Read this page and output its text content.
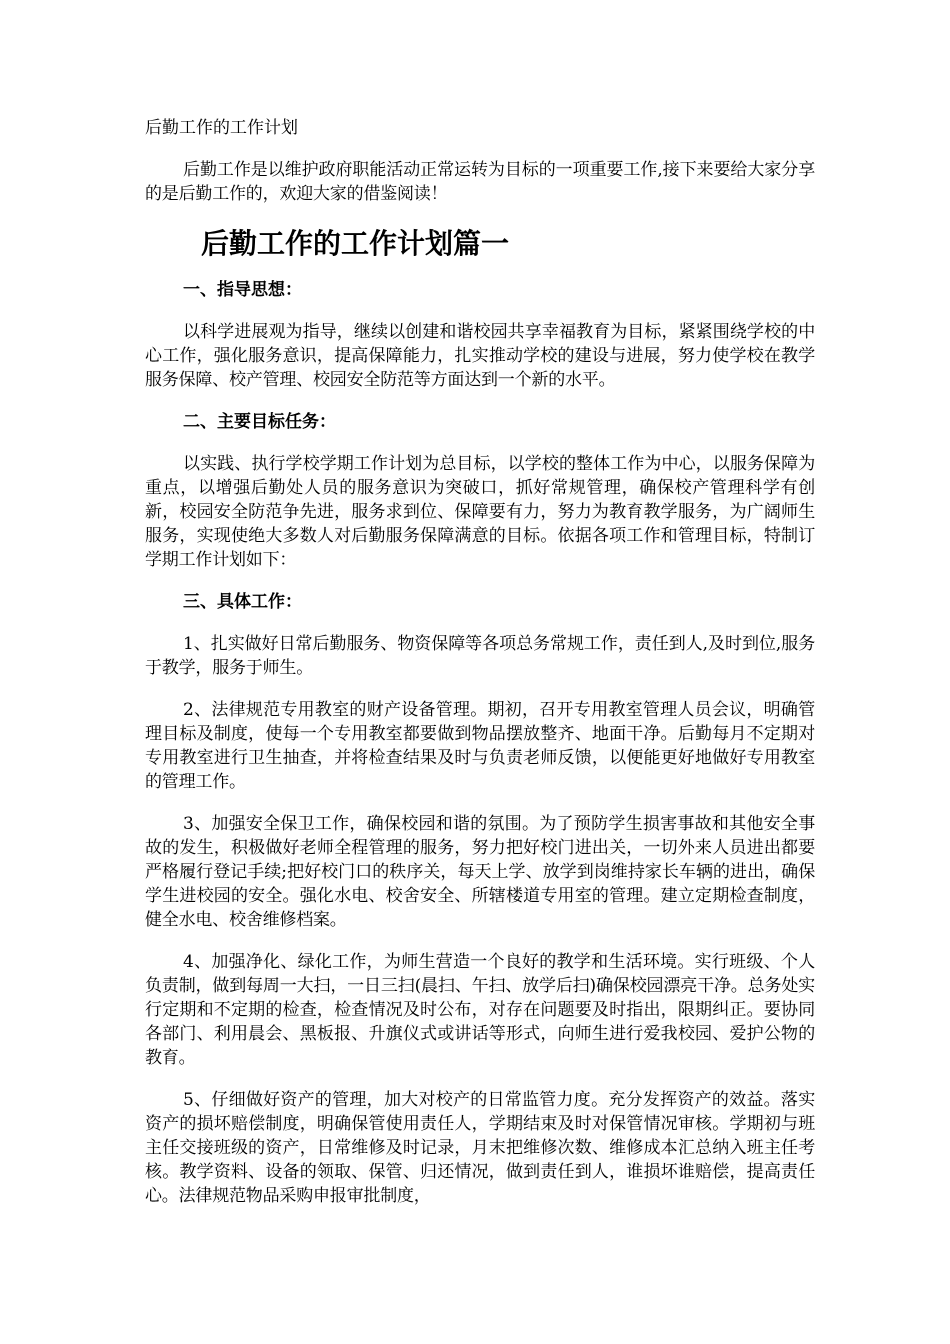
后勤工作的工作计划

后勤工作是以维护政府职能活动正常运转为目标的一项重要工作,接下来要给大家分享的是后勤工作的，欢迎大家的借鉴阅读！

后勤工作的工作计划篇一
一、指导思想：

以科学进展观为指导，继续以创建和谐校园共享幸福教育为目标，紧紧围绕学校的中心工作，强化服务意识，提高保障能力，扎实推动学校的建设与进展，努力使学校在教学服务保障、校产管理、校园安全防范等方面达到一个新的水平。

二、主要目标任务：

以实践、执行学校学期工作计划为总目标，以学校的整体工作为中心，以服务保障为重点，以增强后勤处人员的服务意识为突破口，抓好常规管理，确保校产管理科学有创新，校园安全防范争先进，服务求到位、保障要有力，努力为教育教学服务，为广阔师生服务，实现使绝大多数人对后勤服务保障满意的目标。依据各项工作和管理目标，特制订学期工作计划如下：

三、具体工作：

1、扎实做好日常后勤服务、物资保障等各项总务常规工作，责任到人,及时到位,服务于教学，服务于师生。

2、法律规范专用教室的财产设备管理。期初，召开专用教室管理人员会议，明确管理目标及制度，使每一个专用教室都要做到物品摆放整齐、地面干净。后勤每月不定期对专用教室进行卫生抽查，并将检查结果及时与负责老师反馈，以便能更好地做好专用教室的管理工作。

3、加强安全保卫工作，确保校园和谐的氛围。为了预防学生损害事故和其他安全事故的发生，积极做好老师全程管理的服务，努力把好校门进出关，一切外来人员进出都要严格履行登记手续;把好校门口的秩序关，每天上学、放学到岗维持家长车辆的进出，确保学生进校园的安全。强化水电、校舍安全、所辖楼道专用室的管理。建立定期检查制度，健全水电、校舍维修档案。

4、加强净化、绿化工作，为师生营造一个良好的教学和生活环境。实行班级、个人负责制，做到每周一大扫，一日三扫(晨扫、午扫、放学后扫)确保校园漂亮干净。总务处实行定期和不定期的检查，检查情况及时公布，对存在问题要及时指出，限期纠正。要协同各部门、利用晨会、黑板报、升旗仪式或讲话等形式，向师生进行爱我校园、爱护公物的教育。

5、仔细做好资产的管理，加大对校产的日常监管力度。充分发挥资产的效益。落实资产的损坏赔偿制度，明确保管使用责任人，学期结束及时对保管情况审核。学期初与班主任交接班级的资产，日常维修及时记录，月末把维修次数、维修成本汇总纳入班主任考核。教学资料、设备的领取、保管、归还情况，做到责任到人，谁损坏谁赔偿，提高责任心。法律规范物品采购申报审批制度，
